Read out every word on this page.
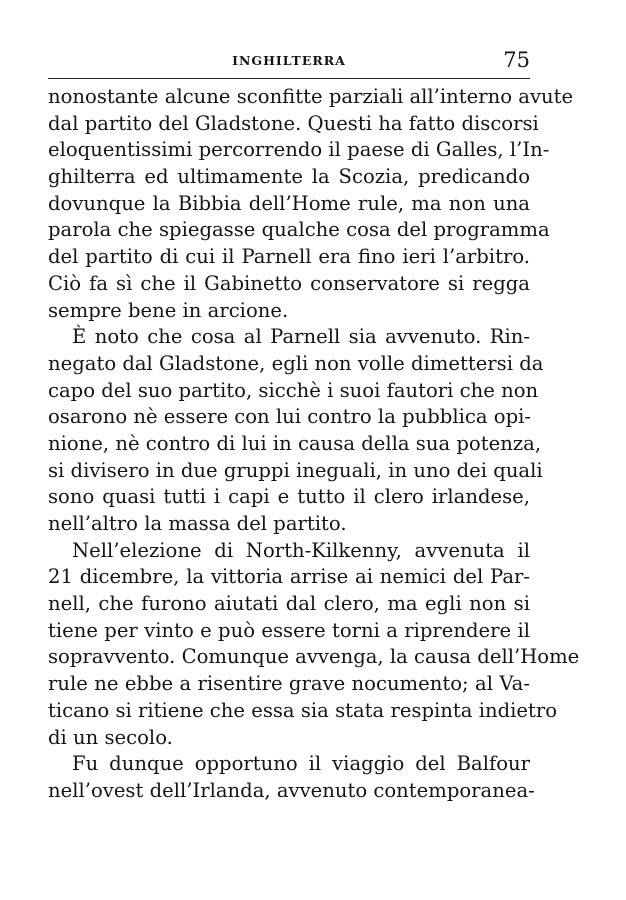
INGHILTERRA	75
nonostante alcune sconfitte parziali all’interno avute
dal partito del Gladstone. Questi ha fatto discorsi
eloquentissimi percorrendo il paese di Galles, l’In-
ghilterra ed ultimamente la Scozia, predicando
dovunque la Bibbia dell’Home rule, ma non una
parola che spiegasse qualche cosa del programma
del partito di cui il Parnell era fino ieri l’arbitro.
Ciò fa sì che il Gabinetto conservatore si regga
sempre bene in arcione.
È noto che cosa al Parnell sia avvenuto. Rin-
negato dal Gladstone, egli non volle dimettersi da
capo del suo partito, sicchè i suoi fautori che non
osarono nè essere con lui contro la pubblica opi-
nione, nè contro di lui in causa della sua potenza,
si divisero in due gruppi ineguali, in uno dei quali
sono quasi tutti i capi e tutto il clero irlandese,
nell’altro la massa del partito.
Nell’elezione di North-Kilkenny, avvenuta il
21 dicembre, la vittoria arrise ai nemici del Par-
nell, che furono aiutati dal clero, ma egli non si
tiene per vinto e può essere torni a riprendere il
sopravvento. Comunque avvenga, la causa dell’Home
rule ne ebbe a risentire grave nocumento; al Va-
ticano si ritiene che essa sia stata respinta indietro
di un secolo.
Fu dunque opportuno il viaggio del Balfour
nell’ovest dell’Irlanda, avvenuto contemporanea-
